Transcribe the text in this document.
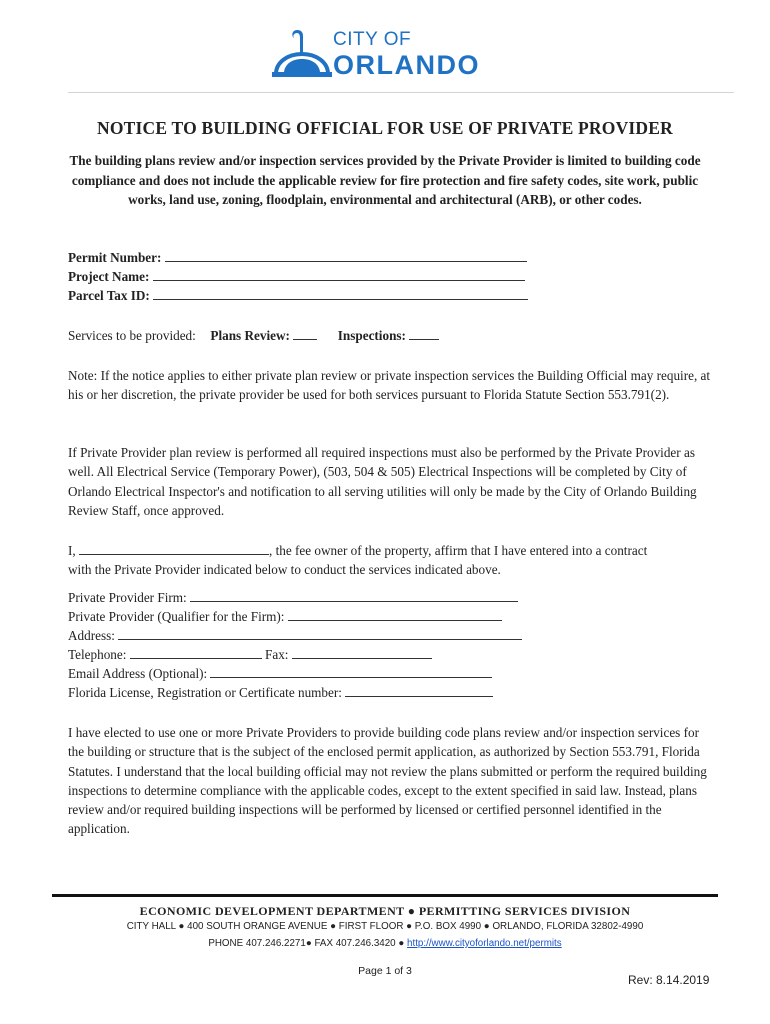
CITY OF
ORLANDO
NOTICE TO BUILDING OFFICIAL FOR USE OF PRIVATE PROVIDER
The building plans review and/or inspection services provided by the Private Provider is limited to building code compliance and does not include the applicable review for fire protection and fire safety codes, site work, public works, land use, zoning, floodplain, environmental and architectural (ARB), or other codes.
Permit Number:
Project Name:
Parcel Tax ID:
Services to be provided: Plans Review:	Inspections:
Note: If the notice applies to either private plan review or private inspection services the Building Official may require, at his or her discretion, the private provider be used for both services pursuant to Florida Statute Section 553.791(2).
If Private Provider plan review is performed all required inspections must also be performed by the Private Provider as well. All Electrical Service (Temporary Power), (503, 504 & 505) Electrical Inspections will be completed by City of Orlando Electrical Inspector's and notification to all serving utilities will only be made by the City of Orlando Building Review Staff, once approved.
I,	, the fee owner of the property, affirm that I have entered into a contract
with the Private Provider indicated below to conduct the services indicated above.
Private Provider Firm:
Private Provider (Qualifier for the Firm):
Address:
Telephone:	Fax:
Email Address (Optional):
Florida License, Registration or Certificate number:
I have elected to use one or more Private Providers to provide building code plans review and/or inspection services for the building or structure that is the subject of the enclosed permit application, as authorized by Section 553.791, Florida Statutes. I understand that the local building official may not review the plans submitted or perform the required building inspections to determine compliance with the applicable codes, except to the extent specified in said law. Instead, plans review and/or required building inspections will be performed by licensed or certified personnel identified in the application.
ECONOMIC DEVELOPMENT DEPARTMENT ● PERMITTING SERVICES DIVISION
CITY HALL ● 400 SOUTH ORANGE AVENUE ● FIRST FLOOR ● P.O. BOX 4990 ● ORLANDO, FLORIDA 32802-4990
PHONE 407.246.2271● FAX 407.246.3420 ● http://www.cityoforlando.net/permits
Page 1 of 3
Rev: 8.14.2019
